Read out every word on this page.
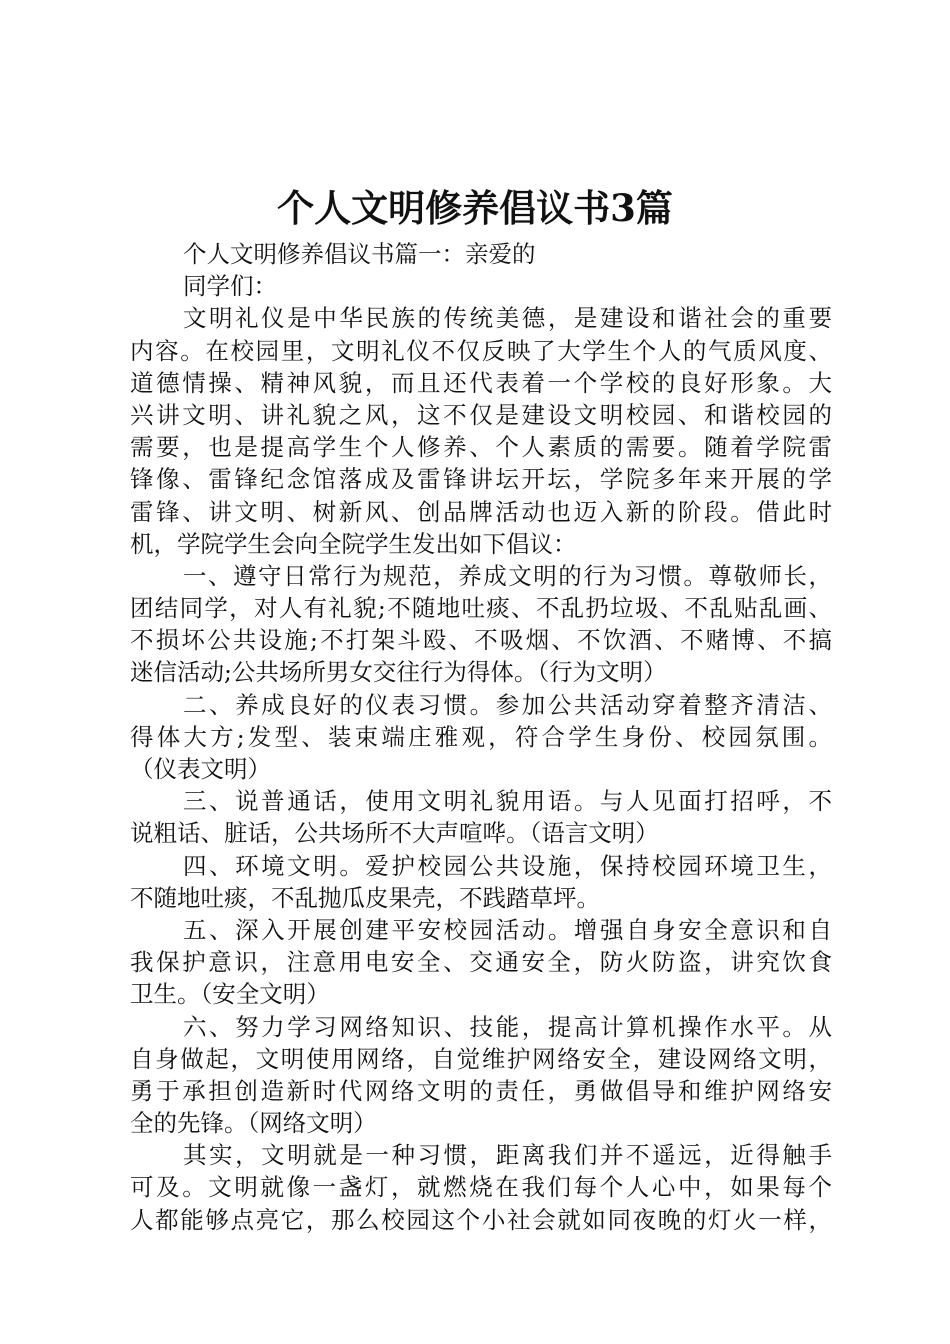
个人文明修养倡议书3篇
个人文明修养倡议书篇一：亲爱的
同学们：
文明礼仪是中华民族的传统美德，是建设和谐社会的重要
内容。在校园里，文明礼仪不仅反映了大学生个人的气质风度、
道德情操、精神风貌，而且还代表着一个学校的良好形象。大
兴讲文明、讲礼貌之风，这不仅是建设文明校园、和谐校园的
需要，也是提高学生个人修养、个人素质的需要。随着学院雷
锋像、雷锋纪念馆落成及雷锋讲坛开坛，学院多年来开展的学
雷锋、讲文明、树新风、创品牌活动也迈入新的阶段。借此时
机，学院学生会向全院学生发出如下倡议：
一、遵守日常行为规范，养成文明的行为习惯。尊敬师长，
团结同学，对人有礼貌;不随地吐痰、不乱扔垃圾、不乱贴乱画、
不损坏公共设施;不打架斗殴、不吸烟、不饮酒、不赌博、不搞
迷信活动;公共场所男女交往行为得体。（行为文明）
二、养成良好的仪表习惯。参加公共活动穿着整齐清洁、
得体大方;发型、装束端庄雅观，符合学生身份、校园氛围。
（仪表文明）
三、说普通话，使用文明礼貌用语。与人见面打招呼，不
说粗话、脏话，公共场所不大声喧哗。（语言文明）
四、环境文明。爱护校园公共设施，保持校园环境卫生，
不随地吐痰，不乱抛瓜皮果壳，不践踏草坪。
五、深入开展创建平安校园活动。增强自身安全意识和自
我保护意识，注意用电安全、交通安全，防火防盗，讲究饮食
卫生。（安全文明）
六、努力学习网络知识、技能，提高计算机操作水平。从
自身做起，文明使用网络，自觉维护网络安全，建设网络文明，
勇于承担创造新时代网络文明的责任，勇做倡导和维护网络安
全的先锋。（网络文明）
其实，文明就是一种习惯，距离我们并不遥远，近得触手
可及。文明就像一盏灯，就燃烧在我们每个人心中，如果每个
人都能够点亮它，那么校园这个小社会就如同夜晚的灯火一样，
